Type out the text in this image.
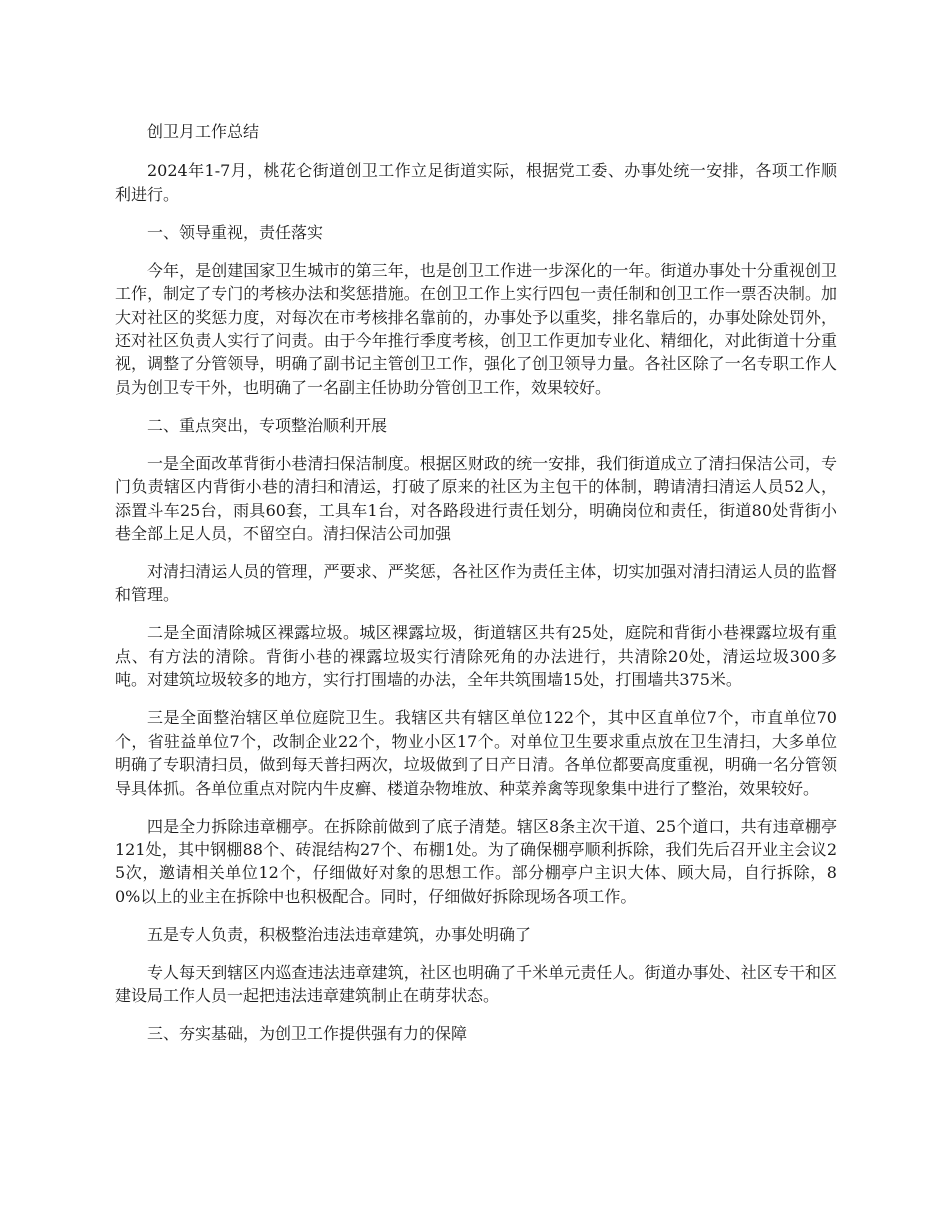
创卫月工作总结

2024年1-7月，桃花仑街道创卫工作立足街道实际，根据党工委、办事处统一安排，各项工作顺利进行。

一、领导重视，责任落实

今年，是创建国家卫生城市的第三年，也是创卫工作进一步深化的一年。街道办事处十分重视创卫工作，制定了专门的考核办法和奖惩措施。在创卫工作上实行四包一责任制和创卫工作一票否决制。加大对社区的奖惩力度，对每次在市考核排名靠前的，办事处予以重奖，排名靠后的，办事处除处罚外，还对社区负责人实行了问责。由于今年推行季度考核，创卫工作更加专业化、精细化，对此街道十分重视，调整了分管领导，明确了副书记主管创卫工作，强化了创卫领导力量。各社区除了一名专职工作人员为创卫专干外，也明确了一名副主任协助分管创卫工作，效果较好。

二、重点突出，专项整治顺利开展

一是全面改革背街小巷清扫保洁制度。根据区财政的统一安排，我们街道成立了清扫保洁公司，专门负责辖区内背街小巷的清扫和清运，打破了原来的社区为主包干的体制，聘请清扫清运人员52人，添置斗车25台，雨具60套，工具车1台，对各路段进行责任划分，明确岗位和责任，街道80处背街小巷全部上足人员，不留空白。清扫保洁公司加强

对清扫清运人员的管理，严要求、严奖惩，各社区作为责任主体，切实加强对清扫清运人员的监督和管理。

二是全面清除城区裸露垃圾。城区裸露垃圾，街道辖区共有25处，庭院和背街小巷裸露垃圾有重点、有方法的清除。背街小巷的裸露垃圾实行清除死角的办法进行，共清除20处，清运垃圾300多吨。对建筑垃圾较多的地方，实行打围墙的办法，全年共筑围墙15处，打围墙共375米。

三是全面整治辖区单位庭院卫生。我辖区共有辖区单位122个，其中区直单位7个，市直单位70个，省驻益单位7个，改制企业22个，物业小区17个。对单位卫生要求重点放在卫生清扫，大多单位明确了专职清扫员，做到每天普扫两次，垃圾做到了日产日清。各单位都要高度重视，明确一名分管领导具体抓。各单位重点对院内牛皮癣、楼道杂物堆放、种菜养禽等现象集中进行了整治，效果较好。

四是全力拆除违章棚亭。在拆除前做到了底子清楚。辖区8条主次干道、25个道口，共有违章棚亭121处，其中钢棚88个、砖混结构27个、布棚1处。为了确保棚亭顺利拆除，我们先后召开业主会议25次，邀请相关单位12个，仔细做好对象的思想工作。部分棚亭户主识大体、顾大局，自行拆除，80%以上的业主在拆除中也积极配合。同时，仔细做好拆除现场各项工作。

五是专人负责，积极整治违法违章建筑，办事处明确了

专人每天到辖区内巡查违法违章建筑，社区也明确了千米单元责任人。街道办事处、社区专干和区建设局工作人员一起把违法违章建筑制止在萌芽状态。

三、夯实基础，为创卫工作提供强有力的保障
